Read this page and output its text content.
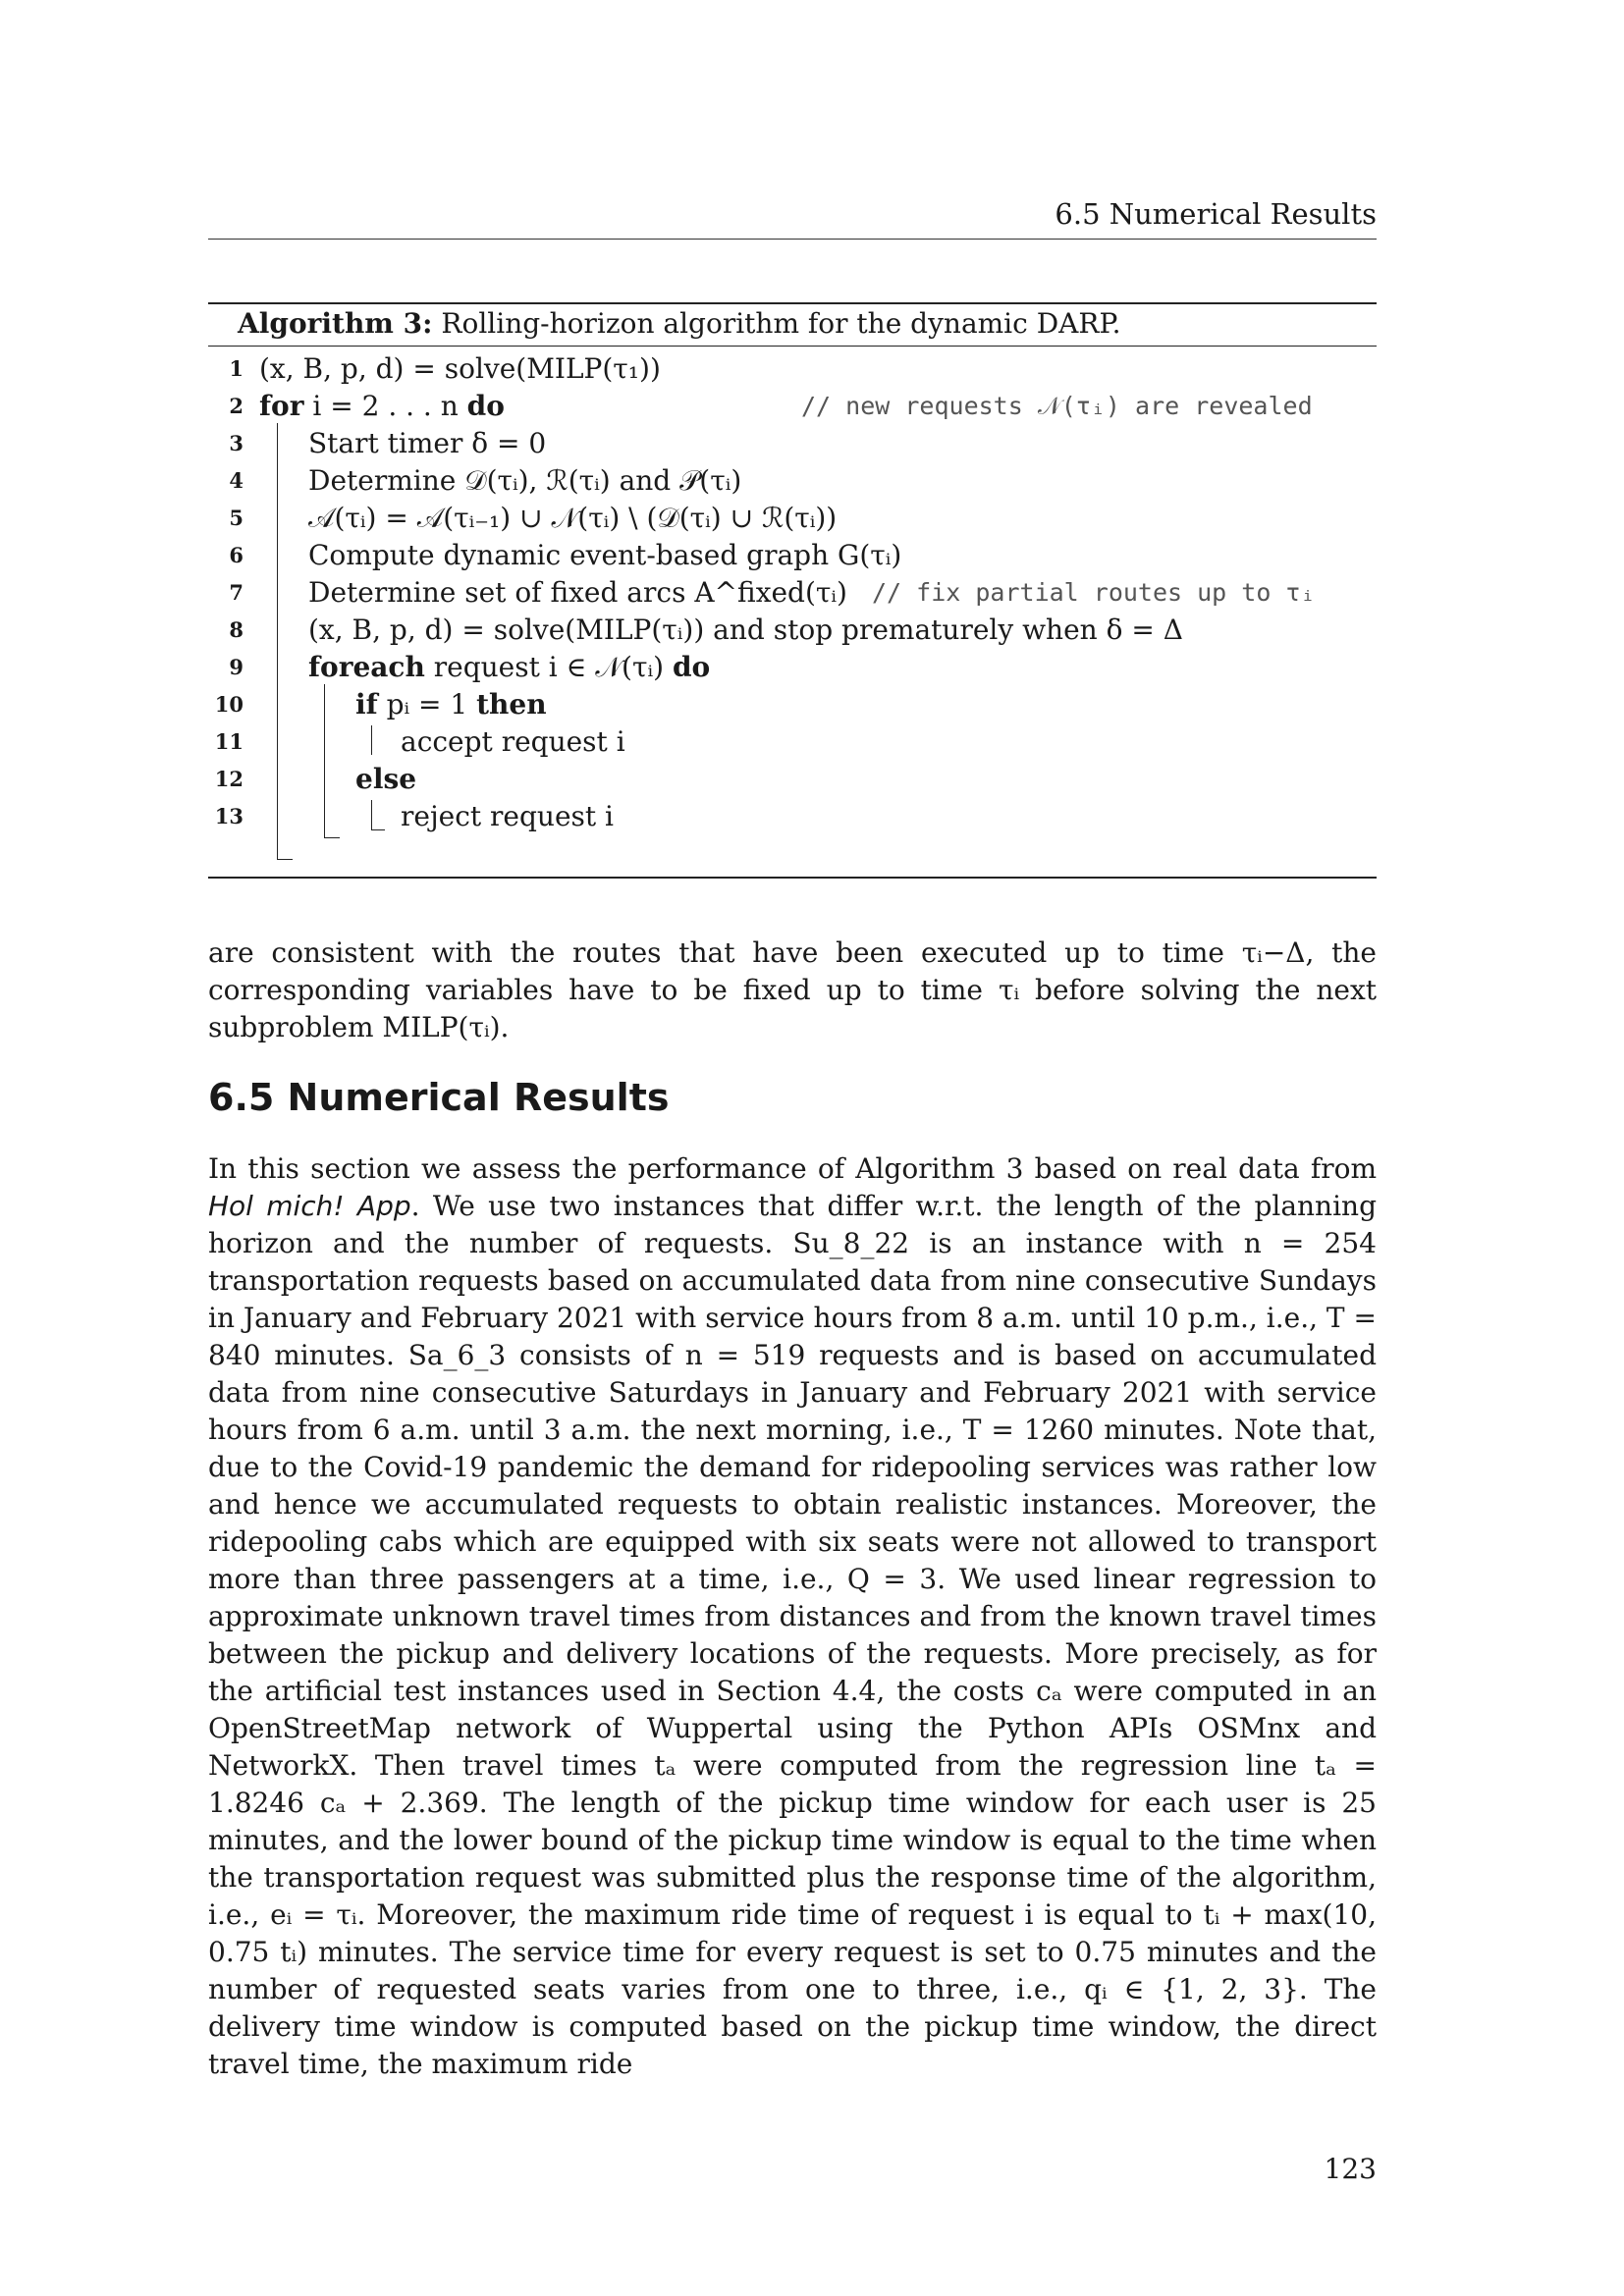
6.5 Numerical Results
Algorithm 3: Rolling-horizon algorithm for the dynamic DARP.
1 (x, B, p, d) = solve(MILP(τ₁))
2 for i = 2 . . . n do	// new requests 𝒩(τᵢ) are revealed
3 Start timer δ = 0
4 Determine 𝒟(τᵢ), ℛ(τᵢ) and 𝒫(τᵢ)
5 𝒜(τᵢ) = 𝒜(τᵢ₋₁) ∪ 𝒩(τᵢ) \ (𝒟(τᵢ) ∪ ℛ(τᵢ))
6 Compute dynamic event-based graph G(τᵢ)
7 Determine set of fixed arcs A^fixed(τᵢ) // fix partial routes up to τᵢ
8 (x, B, p, d) = solve(MILP(τᵢ)) and stop prematurely when δ = Δ
9 foreach request i ∈ 𝒩(τᵢ) do
10	if pᵢ = 1 then
11	accept request i
12	else
13	reject request i

are consistent with the routes that have been executed up to time τᵢ−Δ, the corresponding variables have to be fixed up to time τᵢ before solving the next subproblem MILP(τᵢ).

6.5 Numerical Results

In this section we assess the performance of Algorithm 3 based on real data from Hol mich! App. We use two instances that differ w.r.t. the length of the planning horizon and the number of requests. Su_8_22 is an instance with n = 254 transportation requests based on accumulated data from nine consecutive Sundays in January and February 2021 with service hours from 8 a.m. until 10 p.m., i.e., T = 840 minutes. Sa_6_3 consists of n = 519 requests and is based on accumulated data from nine consecutive Saturdays in January and February 2021 with service hours from 6 a.m. until 3 a.m. the next morning, i.e., T = 1260 minutes. Note that, due to the Covid-19 pandemic the demand for ridepooling services was rather low and hence we accumulated requests to obtain realistic instances. Moreover, the ridepooling cabs which are equipped with six seats were not allowed to transport more than three passengers at a time, i.e., Q = 3. We used linear regression to approximate unknown travel times from distances and from the known travel times between the pickup and delivery locations of the requests. More precisely, as for the artificial test instances used in Section 4.4, the costs cₐ were computed in an OpenStreetMap network of Wuppertal using the Python APIs OSMnx and NetworkX. Then travel times tₐ were computed from the regression line tₐ = 1.8246 cₐ + 2.369. The length of the pickup time window for each user is 25 minutes, and the lower bound of the pickup time window is equal to the time when the transportation request was submitted plus the response time of the algorithm, i.e., eᵢ = τᵢ. Moreover, the maximum ride time of request i is equal to tᵢ + max(10, 0.75 tᵢ) minutes. The service time for every request is set to 0.75 minutes and the number of requested seats varies from one to three, i.e., qᵢ ∈ {1, 2, 3}. The delivery time window is computed based on the pickup time window, the direct travel time, the maximum ride

123
